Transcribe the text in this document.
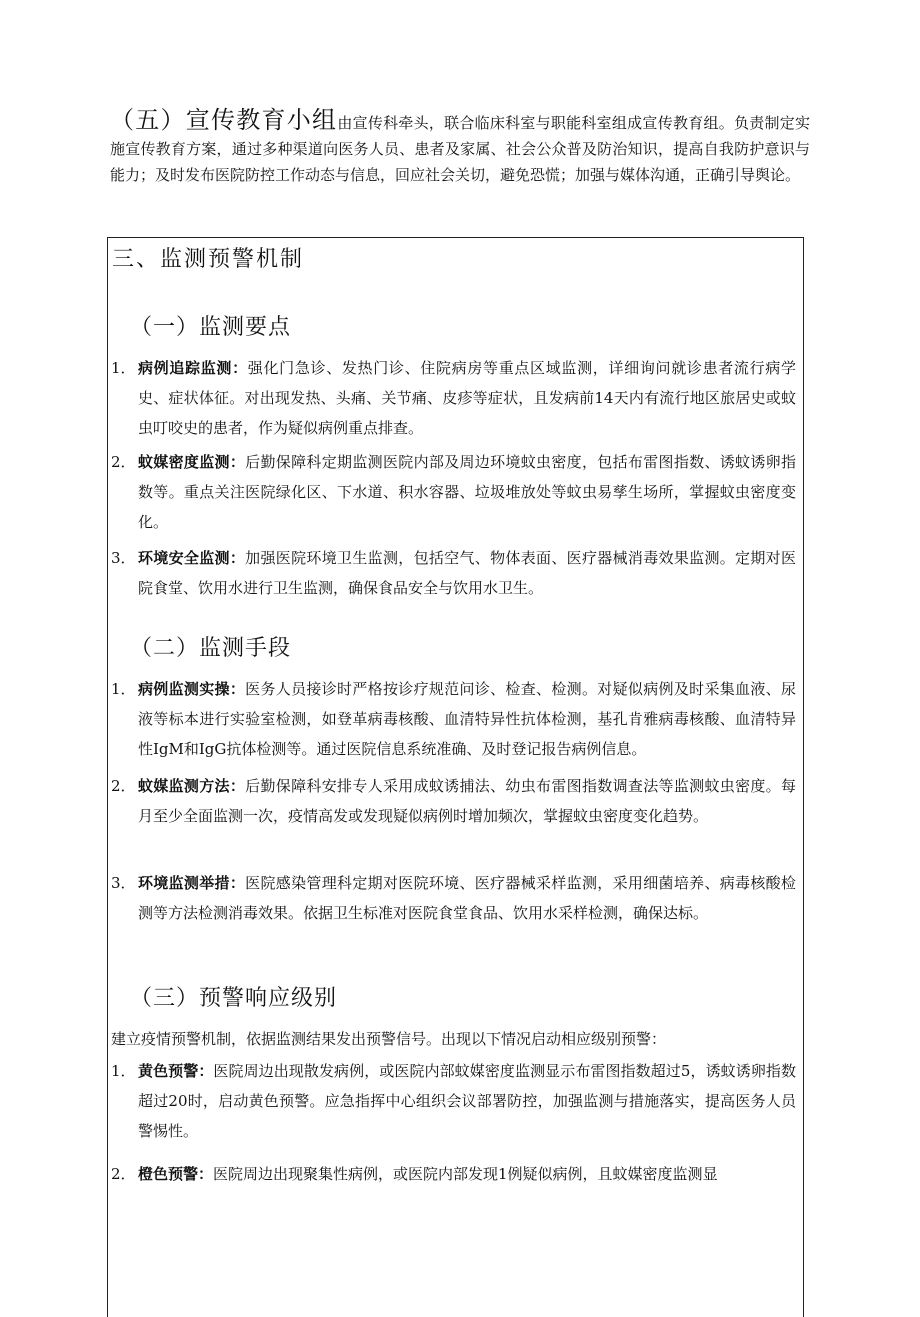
（五）宣传教育小组由宣传科牵头，联合临床科室与职能科室组成宣传教育组。负责制定实施宣传教育方案，通过多种渠道向医务人员、患者及家属、社会公众普及防治知识，提高自我防护意识与能力；及时发布医院防控工作动态与信息，回应社会关切，避免恐慌；加强与媒体沟通，正确引导舆论。
三、监测预警机制
（一）监测要点
1． 病例追踪监测：强化门急诊、发热门诊、住院病房等重点区域监测，详细询问就诊患者流行病学史、症状体征。对出现发热、头痛、关节痛、皮疹等症状，且发病前14天内有流行地区旅居史或蚊虫叮咬史的患者，作为疑似病例重点排查。
2． 蚊媒密度监测：后勤保障科定期监测医院内部及周边环境蚊虫密度，包括布雷图指数、诱蚊诱卵指数等。重点关注医院绿化区、下水道、积水容器、垃圾堆放处等蚊虫易孳生场所，掌握蚊虫密度变化。
3． 环境安全监测：加强医院环境卫生监测，包括空气、物体表面、医疗器械消毒效果监测。定期对医院食堂、饮用水进行卫生监测，确保食品安全与饮用水卫生。
（二）监测手段
1． 病例监测实操：医务人员接诊时严格按诊疗规范问诊、检查、检测。对疑似病例及时采集血液、尿液等标本进行实验室检测，如登革病毒核酸、血清特异性抗体检测，基孔肯雅病毒核酸、血清特异性IgM和IgG抗体检测等。通过医院信息系统准确、及时登记报告病例信息。
2． 蚊媒监测方法：后勤保障科安排专人采用成蚊诱捕法、幼虫布雷图指数调查法等监测蚊虫密度。每月至少全面监测一次，疫情高发或发现疑似病例时增加频次，掌握蚊虫密度变化趋势。
3． 环境监测举措：医院感染管理科定期对医院环境、医疗器械采样监测，采用细菌培养、病毒核酸检测等方法检测消毒效果。依据卫生标准对医院食堂食品、饮用水采样检测，确保达标。
（三）预警响应级别
建立疫情预警机制，依据监测结果发出预警信号。出现以下情况启动相应级别预警：
1． 黄色预警：医院周边出现散发病例，或医院内部蚊媒密度监测显示布雷图指数超过5，诱蚊诱卵指数超过20时，启动黄色预警。应急指挥中心组织会议部署防控，加强监测与措施落实，提高医务人员警惕性。
2． 橙色预警：医院周边出现聚集性病例，或医院内部发现1例疑似病例，且蚊媒密度监测显
